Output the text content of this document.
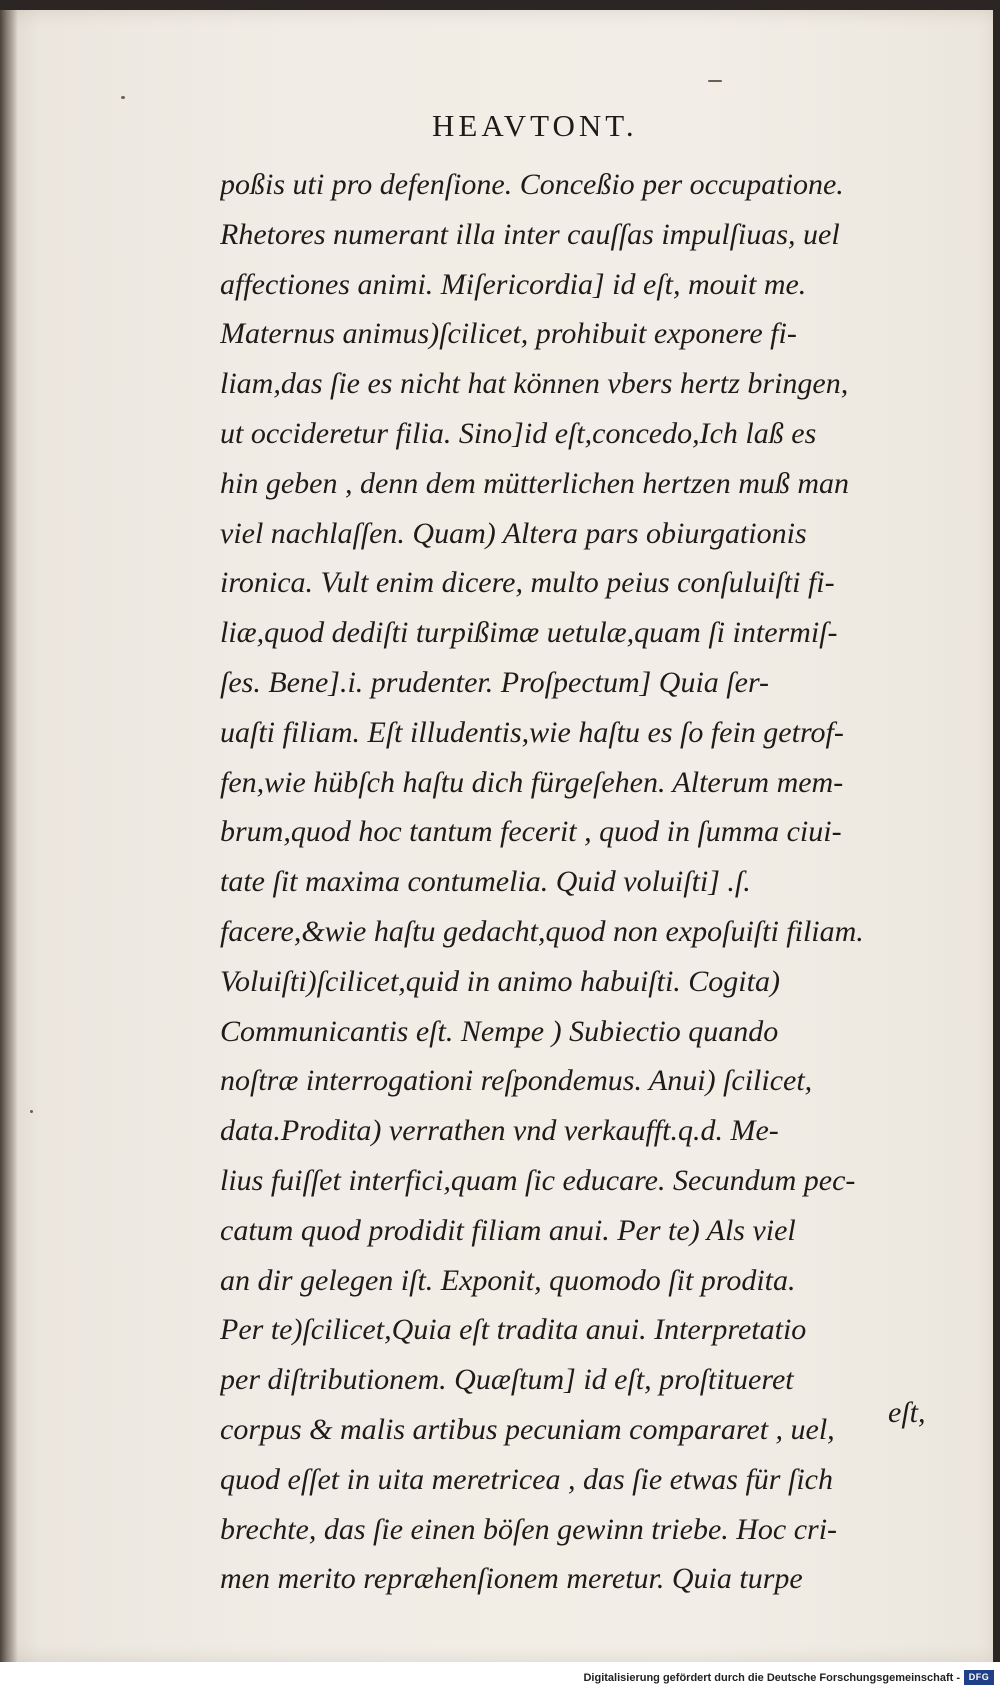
HEAVTONT.
poßis uti pro defenſione. Conceßio per occupatione.
Rhetores numerant illa inter cauſſas impulſiuas, uel
affectiones animi. Miſericordia] id eſt, mouit me.
Maternus animus)ſcilicet, prohibuit exponere fi-
liam,das ſie es nicht hat können vbers hertz bringen,
ut occideretur filia. Sino]id eſt,concedo,Ich laß es
hin geben , denn dem mütterlichen hertzen muß man
viel nachlaſſen. Quam) Altera pars obiurgationis
ironica. Vult enim dicere, multo peius conſuluiſti fi-
liæ,quod dediſti turpißimæ uetulæ,quam ſi intermiſ-
ſes. Bene].i. prudenter. Proſpectum] Quia ſer-
uaſti filiam. Eſt illudentis,wie haſtu es ſo fein getrof-
fen,wie hübſch haſtu dich fürgeſehen. Alterum mem-
brum,quod hoc tantum fecerit , quod in ſumma ciui-
tate ſit maxima contumelia. Quid voluiſti] .ſ.
facere,&wie haſtu gedacht,quod non expoſuiſti filiam.
Voluiſti)ſcilicet,quid in animo habuiſti. Cogita)
Communicantis eſt. Nempe ) Subiectio quando
noſtræ interrogationi reſpondemus. Anui) ſcilicet,
data.Prodita) verrathen vnd verkaufft.q.d. Me-
lius fuiſſet interfici,quam ſic educare. Secundum pec-
catum quod prodidit filiam anui. Per te) Als viel
an dir gelegen iſt. Exponit, quomodo ſit prodita.
Per te)ſcilicet,Quia eſt tradita anui. Interpretatio
per diſtributionem. Quæſtum] id eſt, proſtitueret
corpus & malis artibus pecuniam compararet , uel,
quod eſſet in uita meretricea , das ſie etwas für ſich
brechte, das ſie einen böſen gewinn triebe. Hoc cri-
men merito repræhenſionem meretur. Quia turpe
eſt,
Digitalisierung gefördert durch die Deutsche Forschungsgemeinschaft - DFG
